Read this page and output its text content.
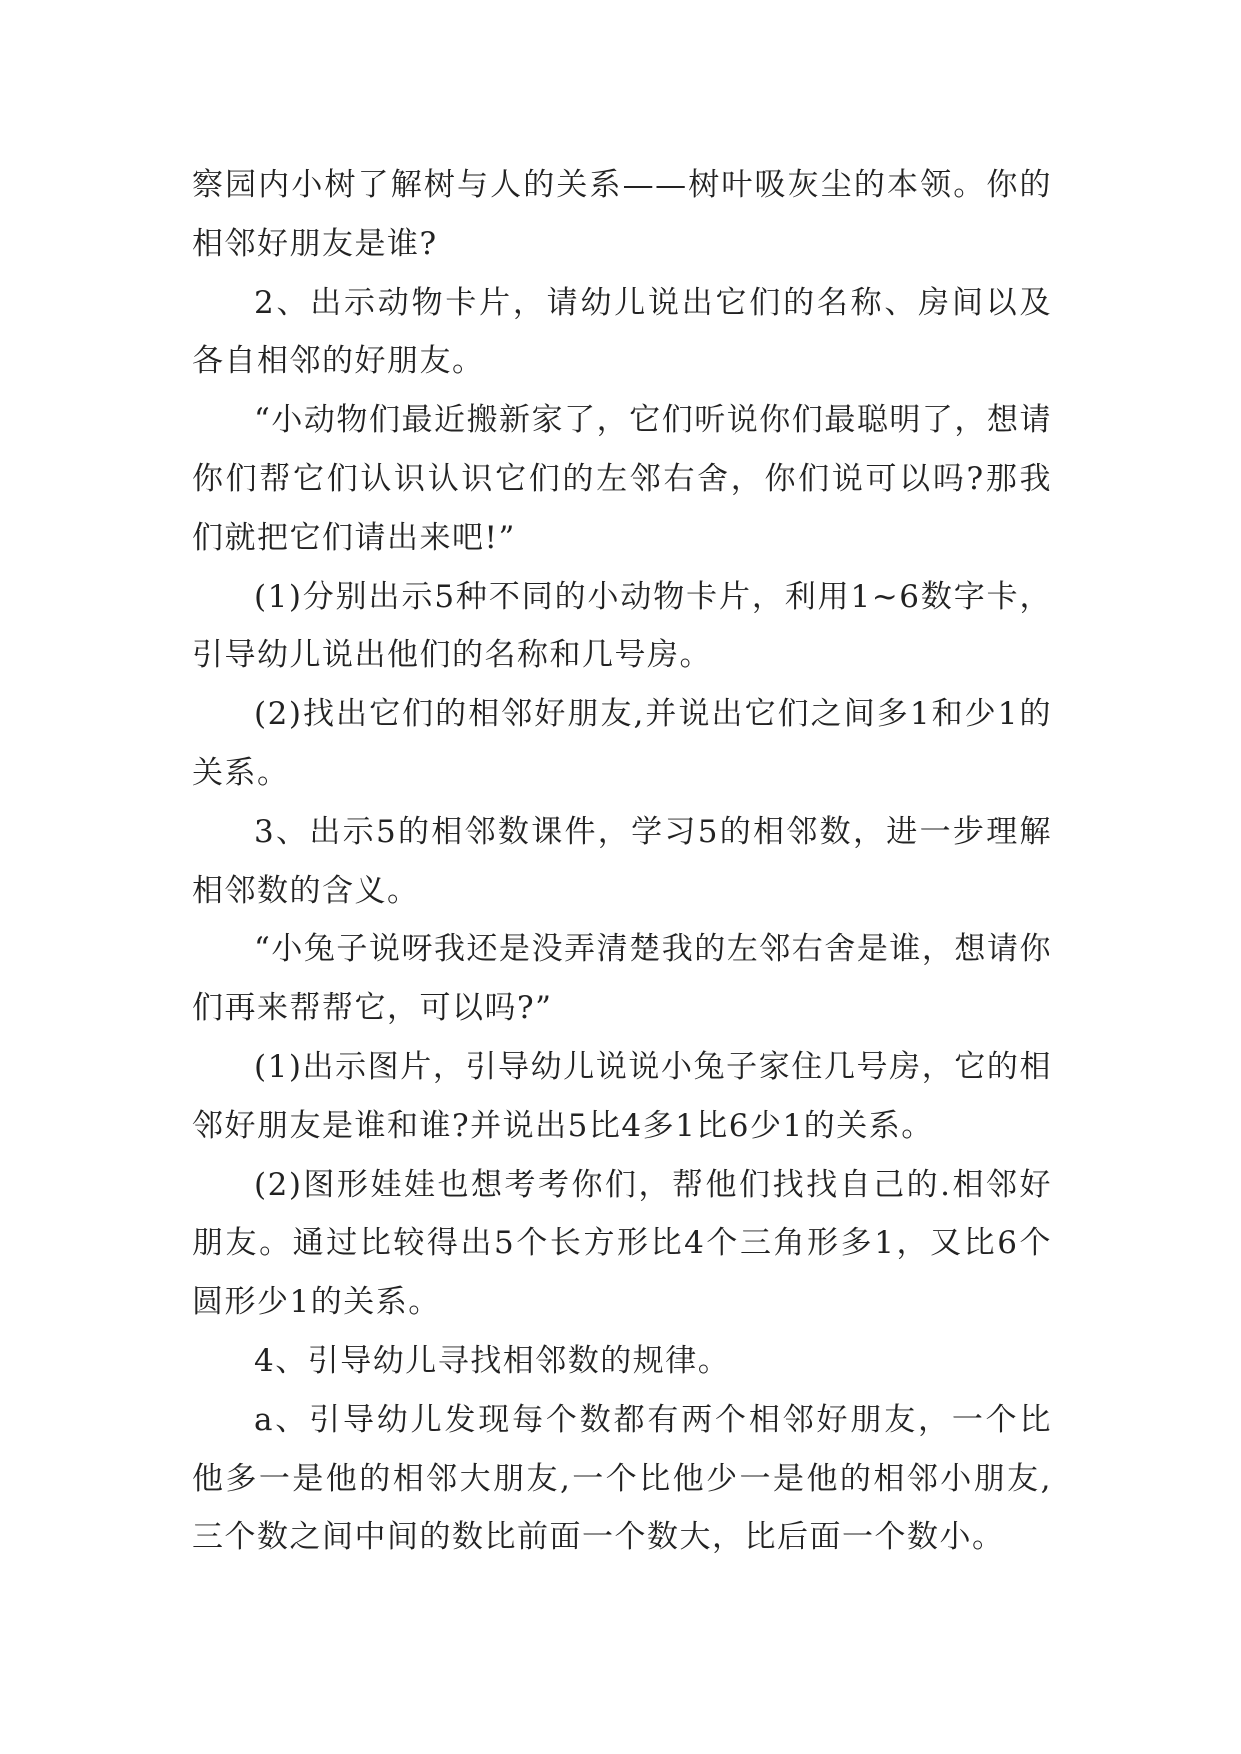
察园内小树了解树与人的关系——树叶吸灰尘的本领。你的相邻好朋友是谁?

2、出示动物卡片，请幼儿说出它们的名称、房间以及各自相邻的好朋友。

“小动物们最近搬新家了，它们听说你们最聪明了，想请你们帮它们认识认识它们的左邻右舍，你们说可以吗?那我们就把它们请出来吧!”

(1)分别出示5种不同的小动物卡片，利用1~6数字卡，引导幼儿说出他们的名称和几号房。

(2)找出它们的相邻好朋友,并说出它们之间多1和少1的关系。

3、出示5的相邻数课件，学习5的相邻数，进一步理解相邻数的含义。

“小兔子说呀我还是没弄清楚我的左邻右舍是谁，想请你们再来帮帮它，可以吗?”

(1)出示图片，引导幼儿说说小兔子家住几号房，它的相邻好朋友是谁和谁?并说出5比4多1比6少1的关系。

(2)图形娃娃也想考考你们，帮他们找找自己的.相邻好朋友。通过比较得出5个长方形比4个三角形多1，又比6个圆形少1的关系。

4、引导幼儿寻找相邻数的规律。

a、引导幼儿发现每个数都有两个相邻好朋友，一个比他多一是他的相邻大朋友,一个比他少一是他的相邻小朋友,三个数之间中间的数比前面一个数大，比后面一个数小。
